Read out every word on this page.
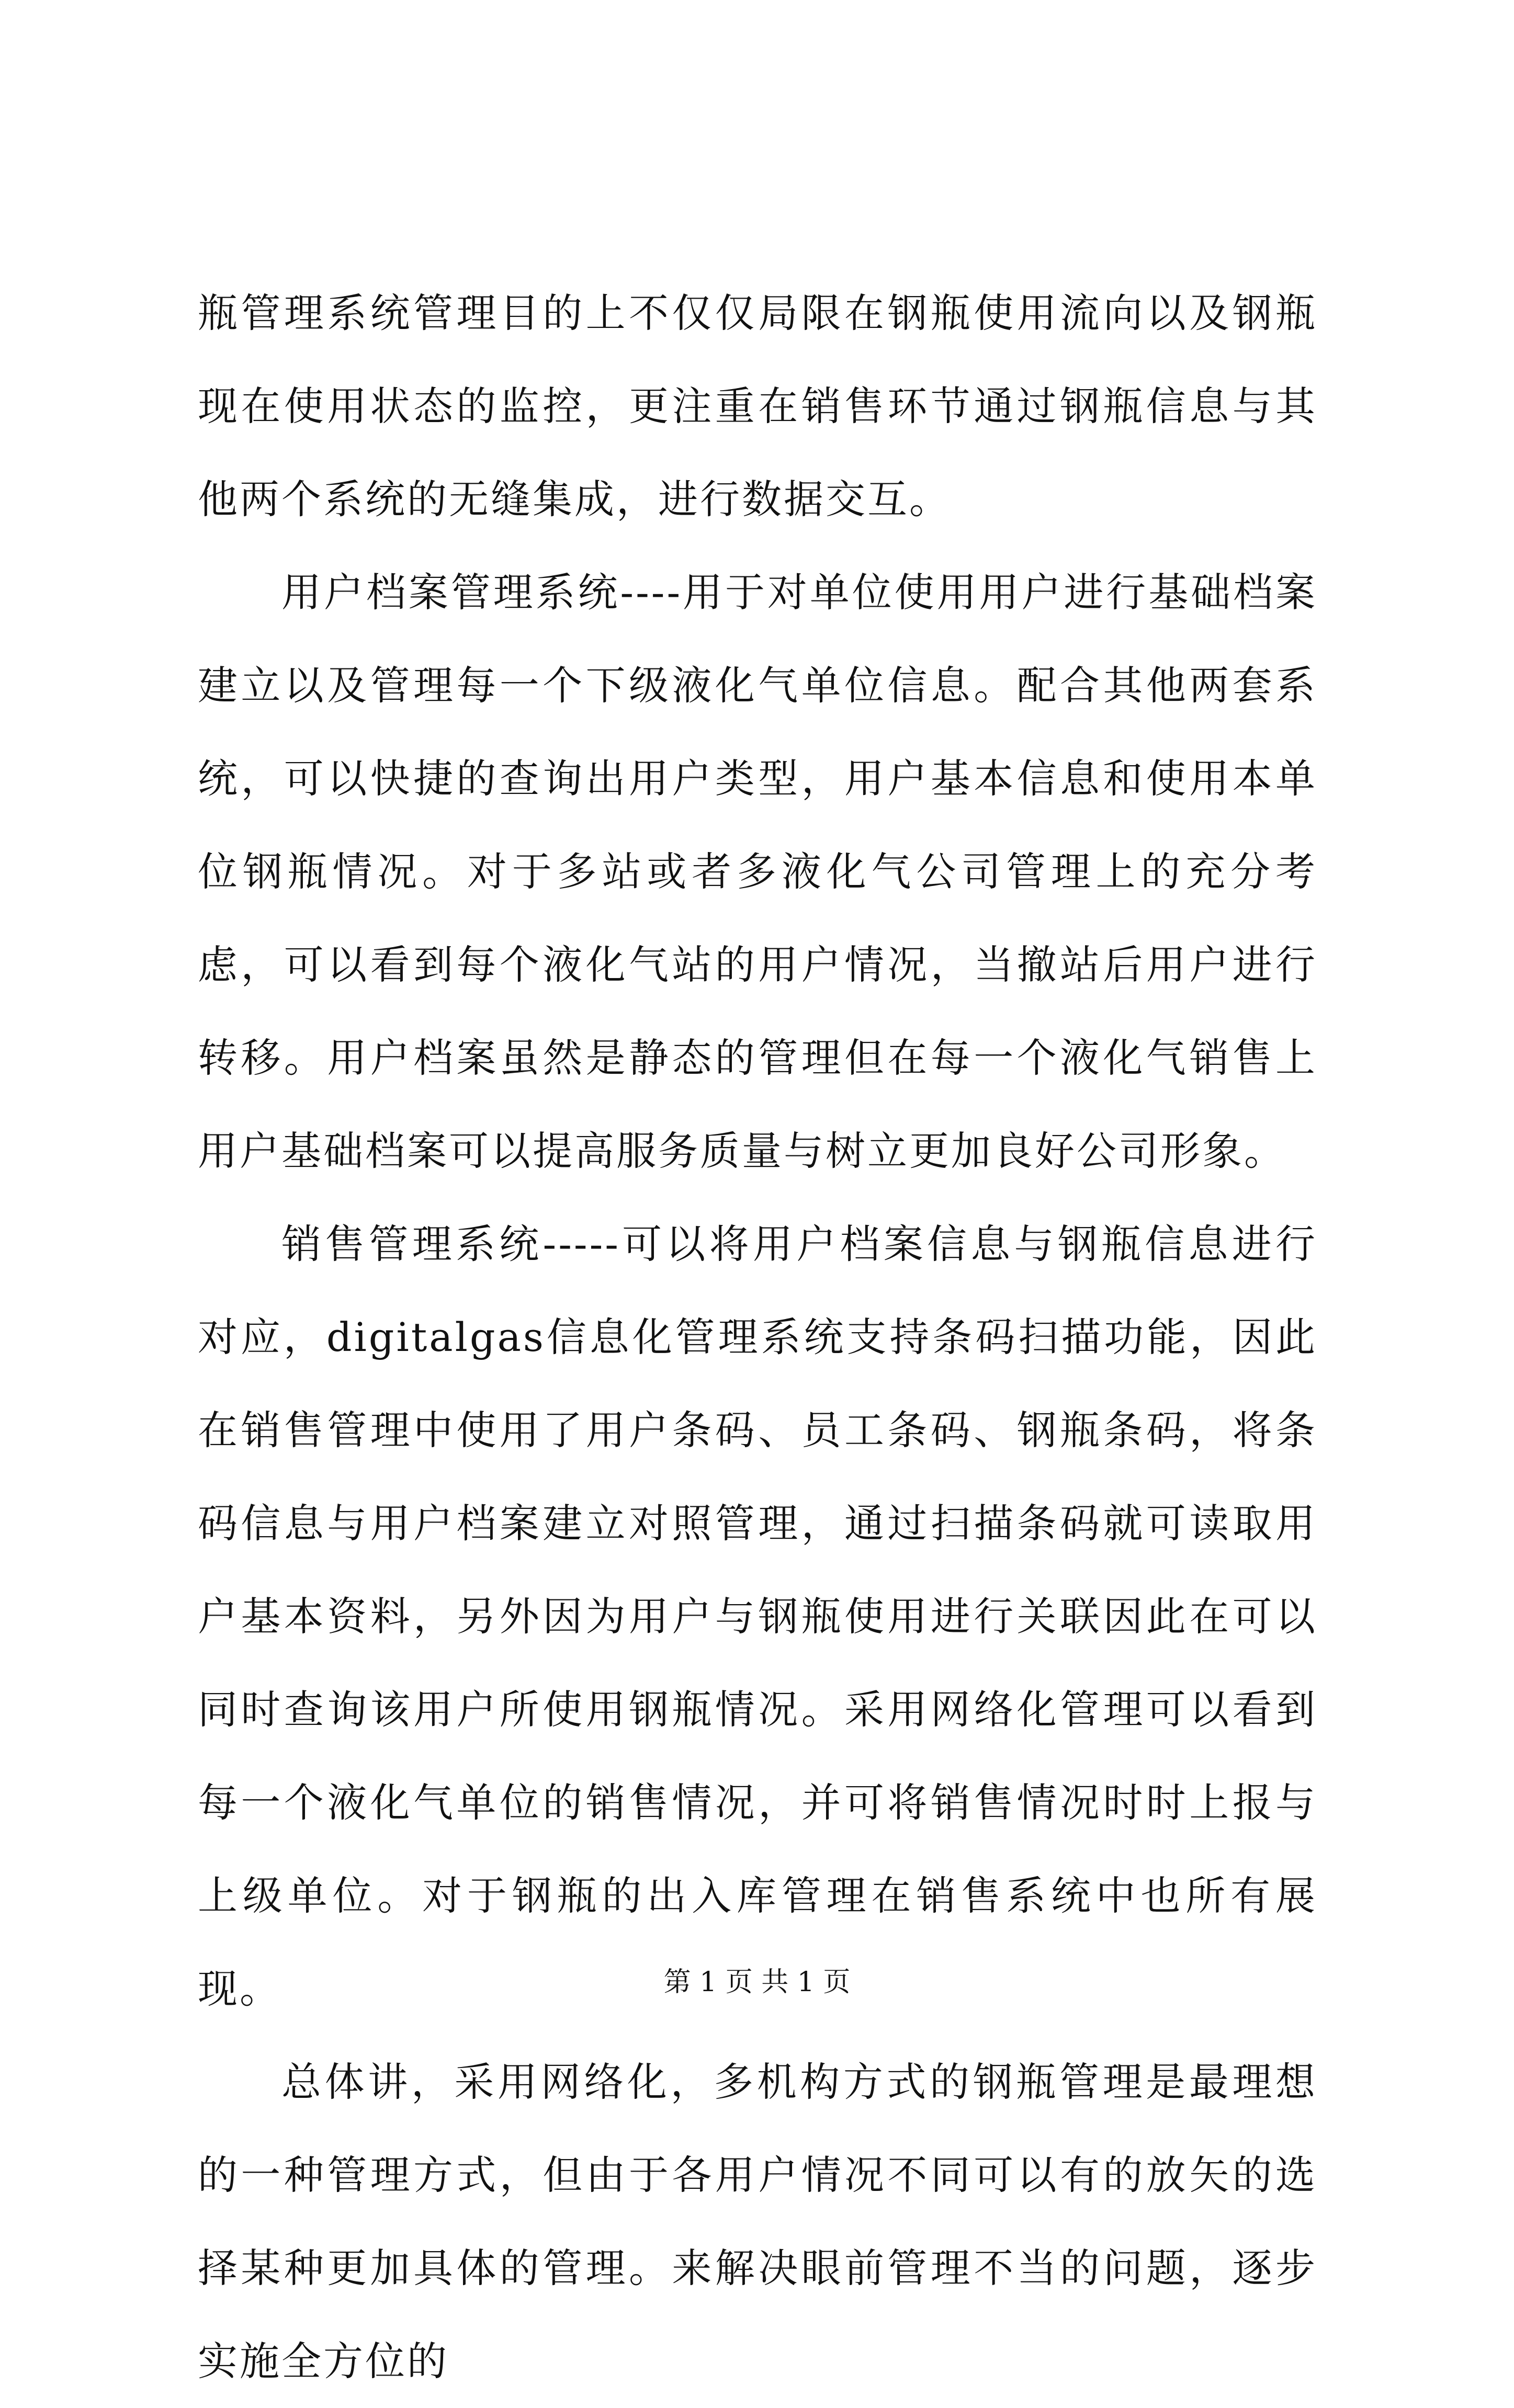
瓶管理系统管理目的上不仅仅局限在钢瓶使用流向以及钢瓶现在使用状态的监控，更注重在销售环节通过钢瓶信息与其他两个系统的无缝集成，进行数据交互。

用户档案管理系统----用于对单位使用用户进行基础档案建立以及管理每一个下级液化气单位信息。配合其他两套系统，可以快捷的查询出用户类型，用户基本信息和使用本单位钢瓶情况。对于多站或者多液化气公司管理上的充分考虑，可以看到每个液化气站的用户情况，当撤站后用户进行转移。用户档案虽然是静态的管理但在每一个液化气销售上用户基础档案可以提高服务质量与树立更加良好公司形象。

销售管理系统-----可以将用户档案信息与钢瓶信息进行对应，digitalgas信息化管理系统支持条码扫描功能，因此在销售管理中使用了用户条码、员工条码、钢瓶条码，将条码信息与用户档案建立对照管理，通过扫描条码就可读取用户基本资料，另外因为用户与钢瓶使用进行关联因此在可以同时查询该用户所使用钢瓶情况。采用网络化管理可以看到每一个液化气单位的销售情况，并可将销售情况时时上报与上级单位。对于钢瓶的出入库管理在销售系统中也所有展现。

总体讲，采用网络化，多机构方式的钢瓶管理是最理想的一种管理方式，但由于各用户情况不同可以有的放矢的选择某种更加具体的管理。来解决眼前管理不当的问题，逐步实施全方位的

第 1 页 共 1 页
